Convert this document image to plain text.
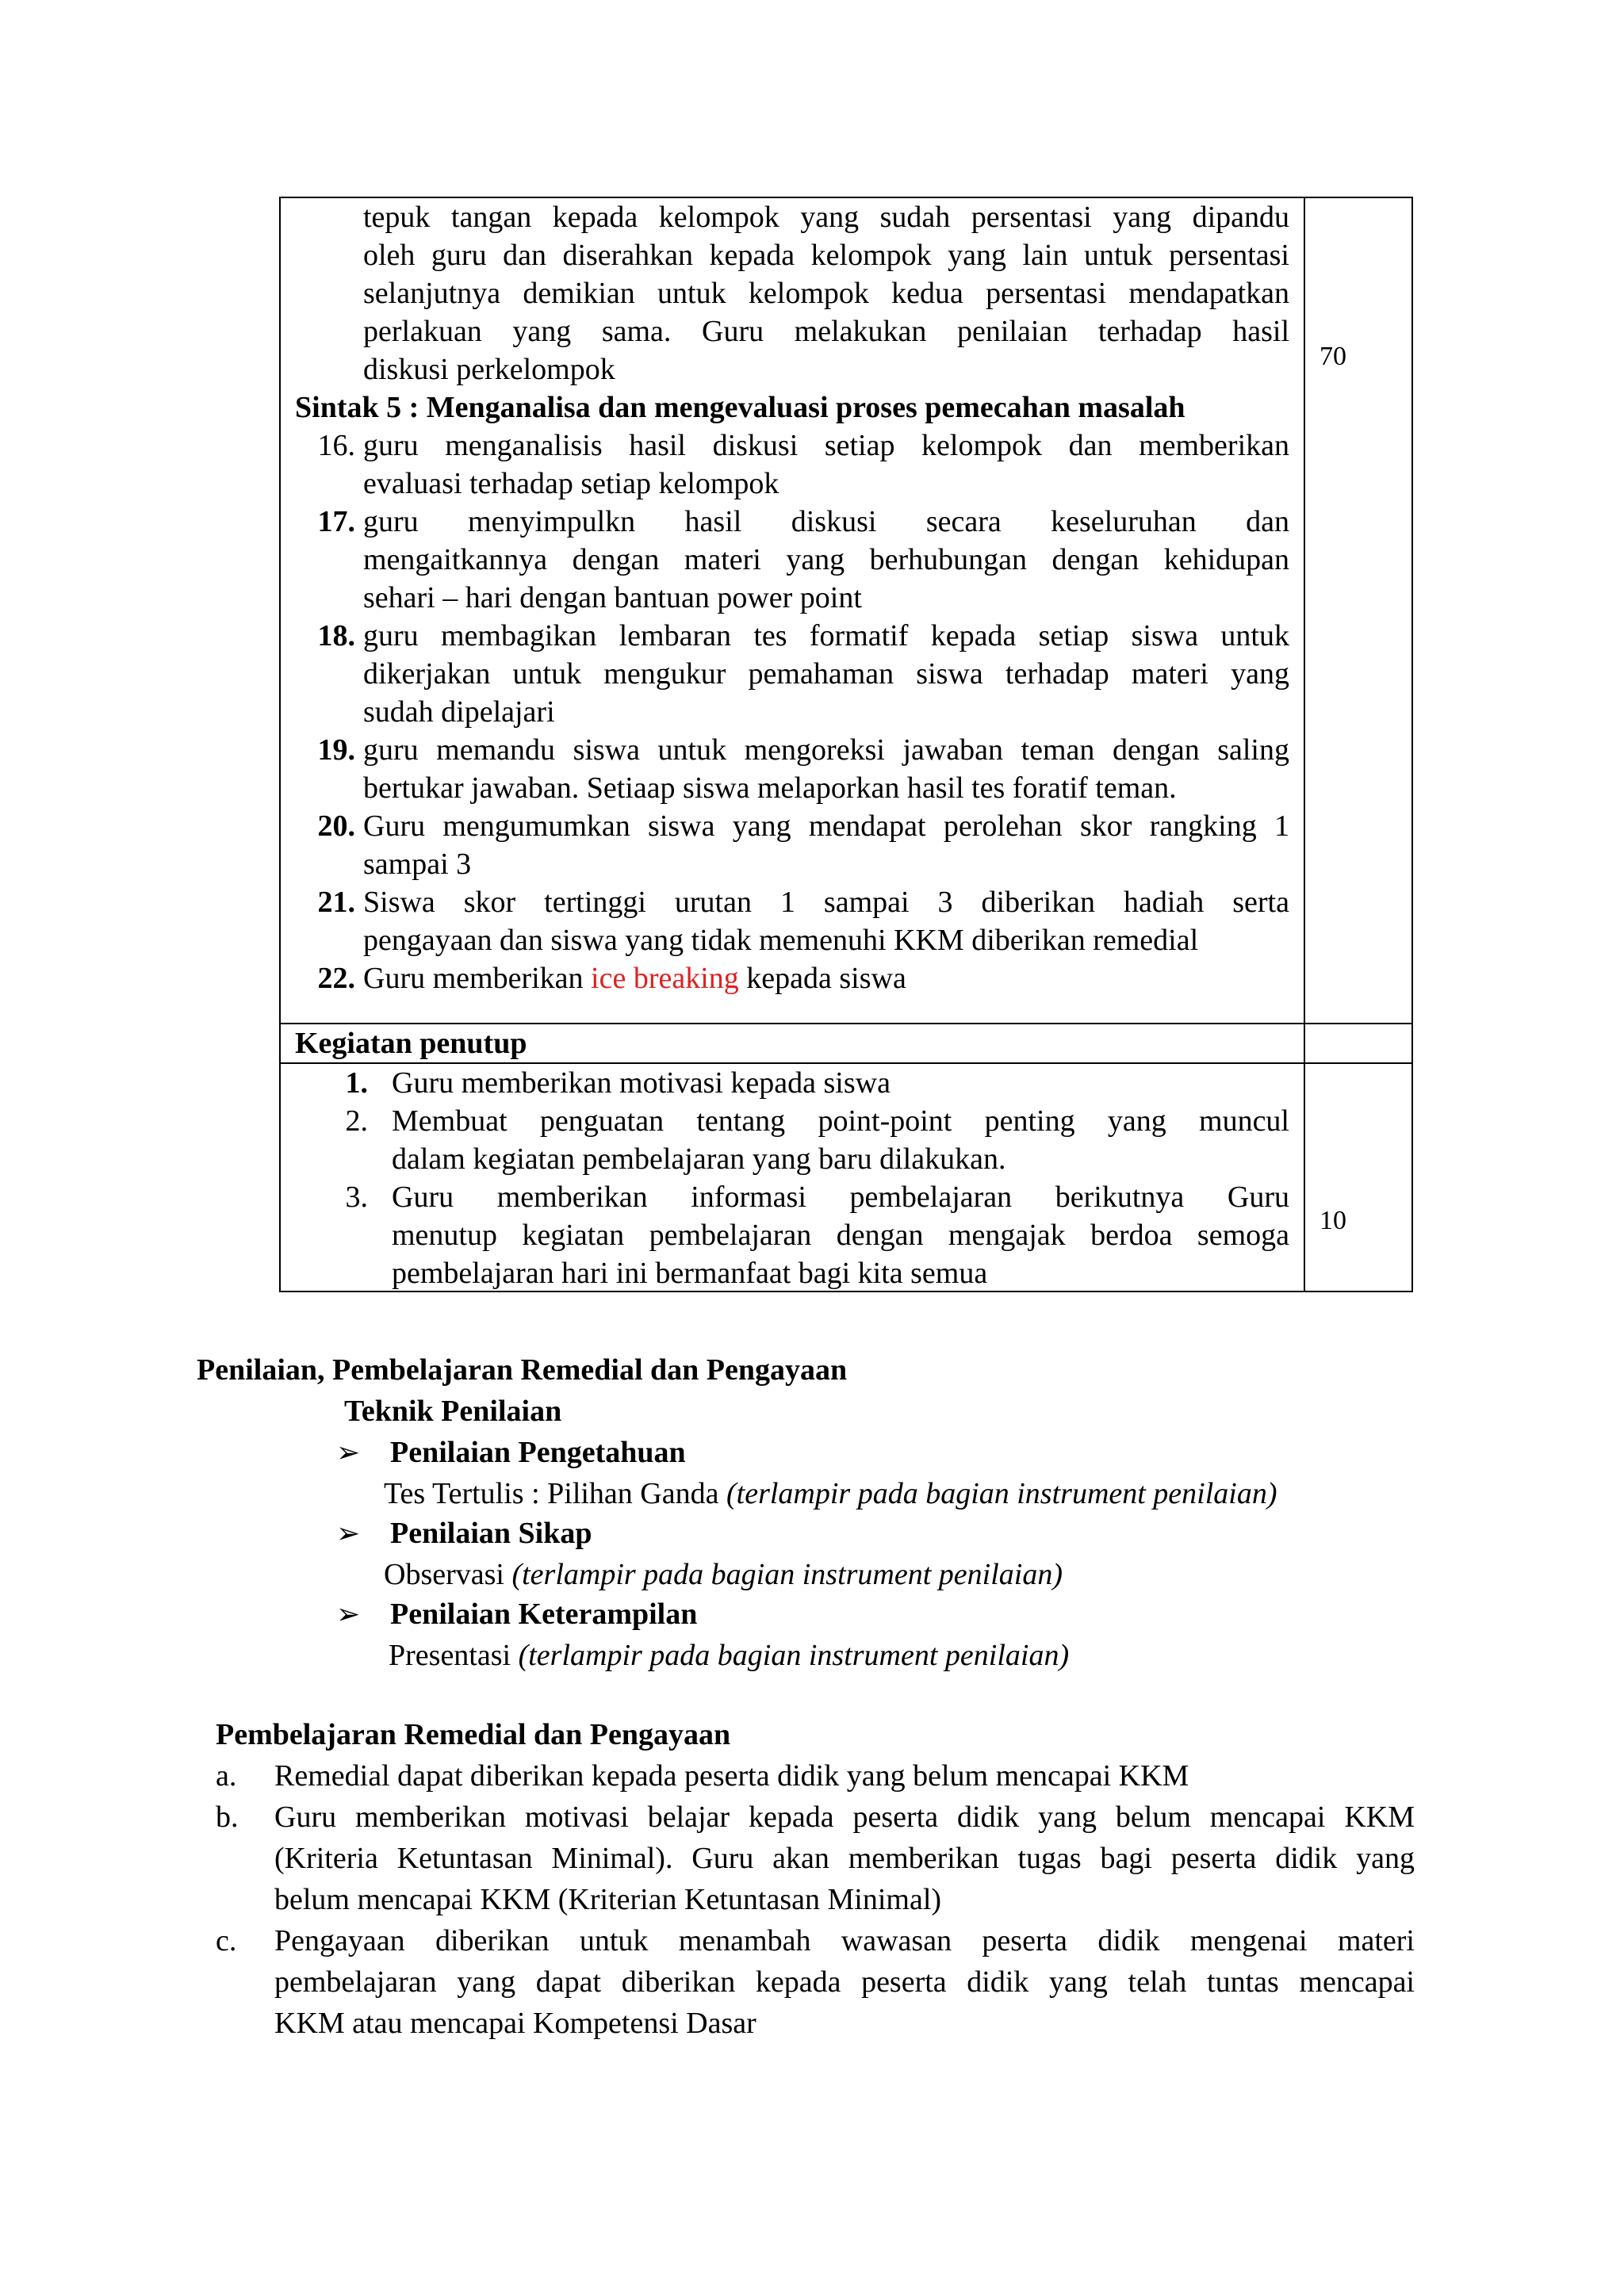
tepuk tangan kepada kelompok yang sudah persentasi yang dipandu
oleh guru dan diserahkan kepada kelompok yang lain untuk persentasi
selanjutnya demikian untuk kelompok kedua persentasi mendapatkan
perlakuan yang sama. Guru melakukan penilaian terhadap hasil
diskusi perkelompok	70
Sintak 5 : Menganalisa dan mengevaluasi proses pemecahan masalah
16. guru menganalisis hasil diskusi setiap kelompok dan memberikan
evaluasi terhadap setiap kelompok
17. guru menyimpulkn hasil diskusi secara keseluruhan dan
mengaitkannya dengan materi yang berhubungan dengan kehidupan
sehari – hari dengan bantuan power point
18. guru membagikan lembaran tes formatif kepada setiap siswa untuk
dikerjakan untuk mengukur pemahaman siswa terhadap materi yang
sudah dipelajari
19. guru memandu siswa untuk mengoreksi jawaban teman dengan saling
bertukar jawaban. Setiaap siswa melaporkan hasil tes foratif teman.
20. Guru mengumumkan siswa yang mendapat perolehan skor rangking 1
sampai 3
21. Siswa skor tertinggi urutan 1 sampai 3 diberikan hadiah serta
pengayaan dan siswa yang tidak memenuhi KKM diberikan remedial
22. Guru memberikan ice breaking kepada siswa
Kegiatan penutup
1. Guru memberikan motivasi kepada siswa
2. Membuat penguatan tentang point-point penting yang muncul
dalam kegiatan pembelajaran yang baru dilakukan.
3. Guru memberikan informasi pembelajaran berikutnya Guru
menutup kegiatan pembelajaran dengan mengajak berdoa semoga
pembelajaran hari ini bermanfaat bagi kita semua
10
Penilaian, Pembelajaran Remedial dan Pengayaan
Teknik Penilaian
➢ Penilaian Pengetahuan
Tes Tertulis : Pilihan Ganda (terlampir pada bagian instrument penilaian)
➢ Penilaian Sikap
Observasi (terlampir pada bagian instrument penilaian)
➢ Penilaian Keterampilan
Presentasi (terlampir pada bagian instrument penilaian)
Pembelajaran Remedial dan Pengayaan
a. Remedial dapat diberikan kepada peserta didik yang belum mencapai KKM
b. Guru memberikan motivasi belajar kepada peserta didik yang belum mencapai KKM
(Kriteria Ketuntasan Minimal). Guru akan memberikan tugas bagi peserta didik yang
belum mencapai KKM (Kriterian Ketuntasan Minimal)
c. Pengayaan diberikan untuk menambah wawasan peserta didik mengenai materi
pembelajaran yang dapat diberikan kepada peserta didik yang telah tuntas mencapai
KKM atau mencapai Kompetensi Dasar
